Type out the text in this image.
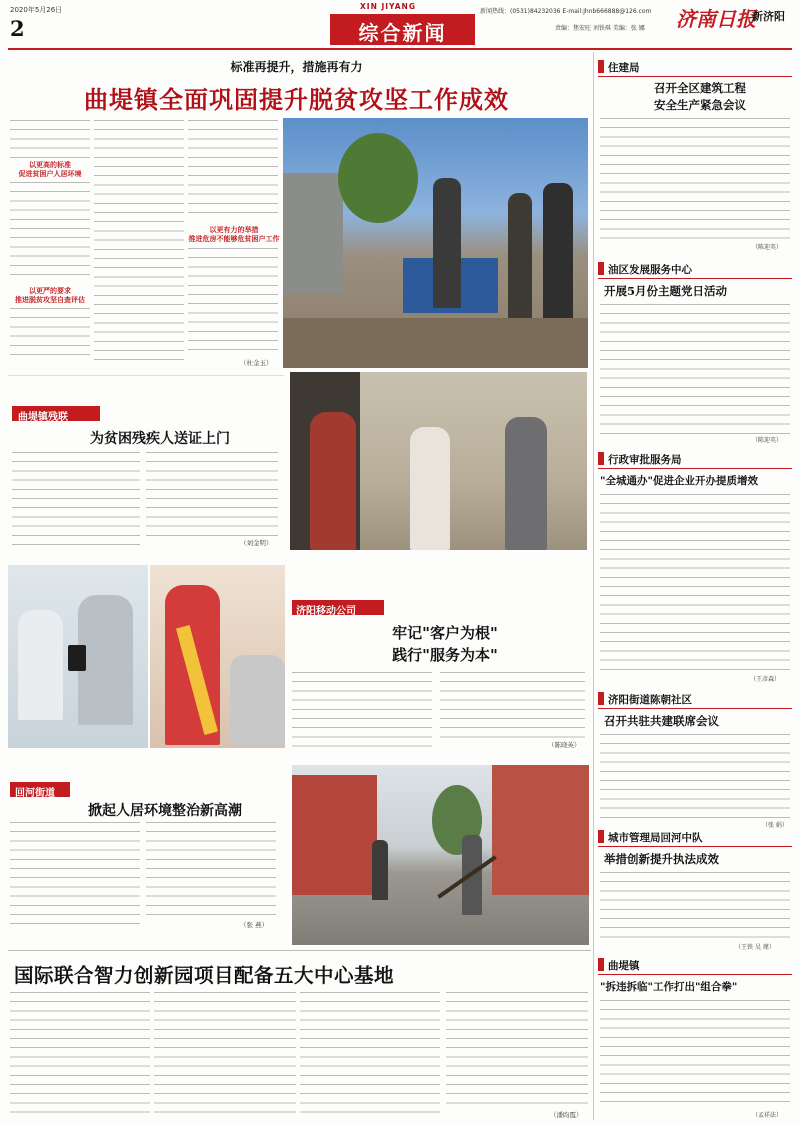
2020年5月26日
2
XIN JIYANG
综合新闻
新闻热线：(0531)84232036 E-mail:jhnb666888@126.com
责编：焦宏旺 刘铁琪 美编：张 娜 济南日报
新济阳
标准再提升，措施再有力
曲堤镇全面巩固提升脱贫攻坚工作成效
以更高的标准
促进贫困户人居环境
以更严的要求
推进脱贫攻坚自查评估
以更有力的举措
推进危房不能够危贫困户工作
（杜金玉）
曲堤镇残联
为贫困残疾人送证上门
（刘金明）
济阳移动公司
牢记"客户为根"
践行"服务为本"
（陈晓英）
回河街道
掀起人居环境整治新高潮
（张 燕）
国际联合智力创新园项目配备五大中心基地
（潘昀霞）
住建局
召开全区建筑工程
安全生产紧急会议
（陈迎英）
油区发展服务中心
开展5月份主题党日活动
（陈迎英）
行政审批服务局
"全城通办"促进企业开办提质增效
（王彦森）
济阳街道陈朝社区
召开共驻共建联席会议
（张 娟）
城市管理局回河中队
举措创新提升执法成效
（王铁 吴 瑾）
曲堤镇
"拆违拆临"工作打出"组合拳"
（孟祥法）
